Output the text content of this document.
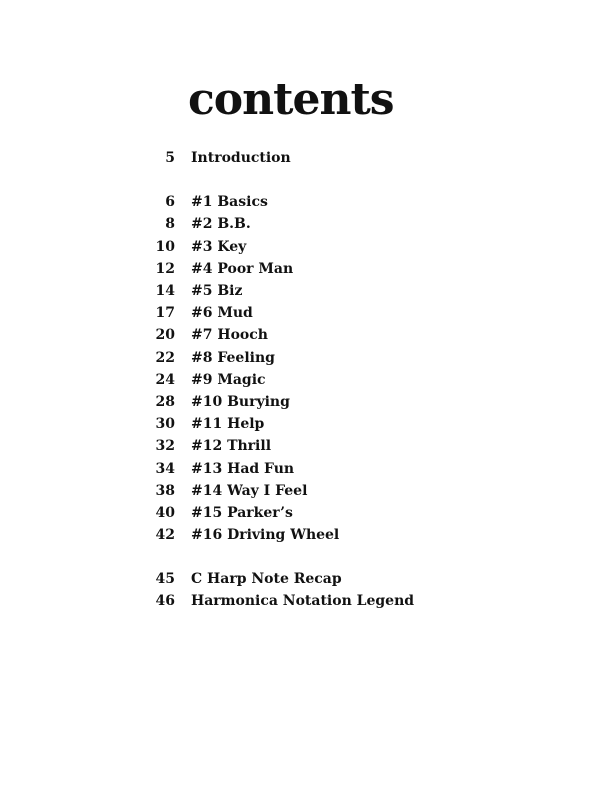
contents
5 Introduction
6 #1 Basics
8 #2 B.B.
10 #3 Key
12 #4 Poor Man
14 #5 Biz
17 #6 Mud
20 #7 Hooch
22 #8 Feeling
24 #9 Magic
28 #10 Burying
30 #11 Help
32 #12 Thrill
34 #13 Had Fun
38 #14 Way I Feel
40 #15 Parker’s
42 #16 Driving Wheel
45 C Harp Note Recap
46 Harmonica Notation Legend
